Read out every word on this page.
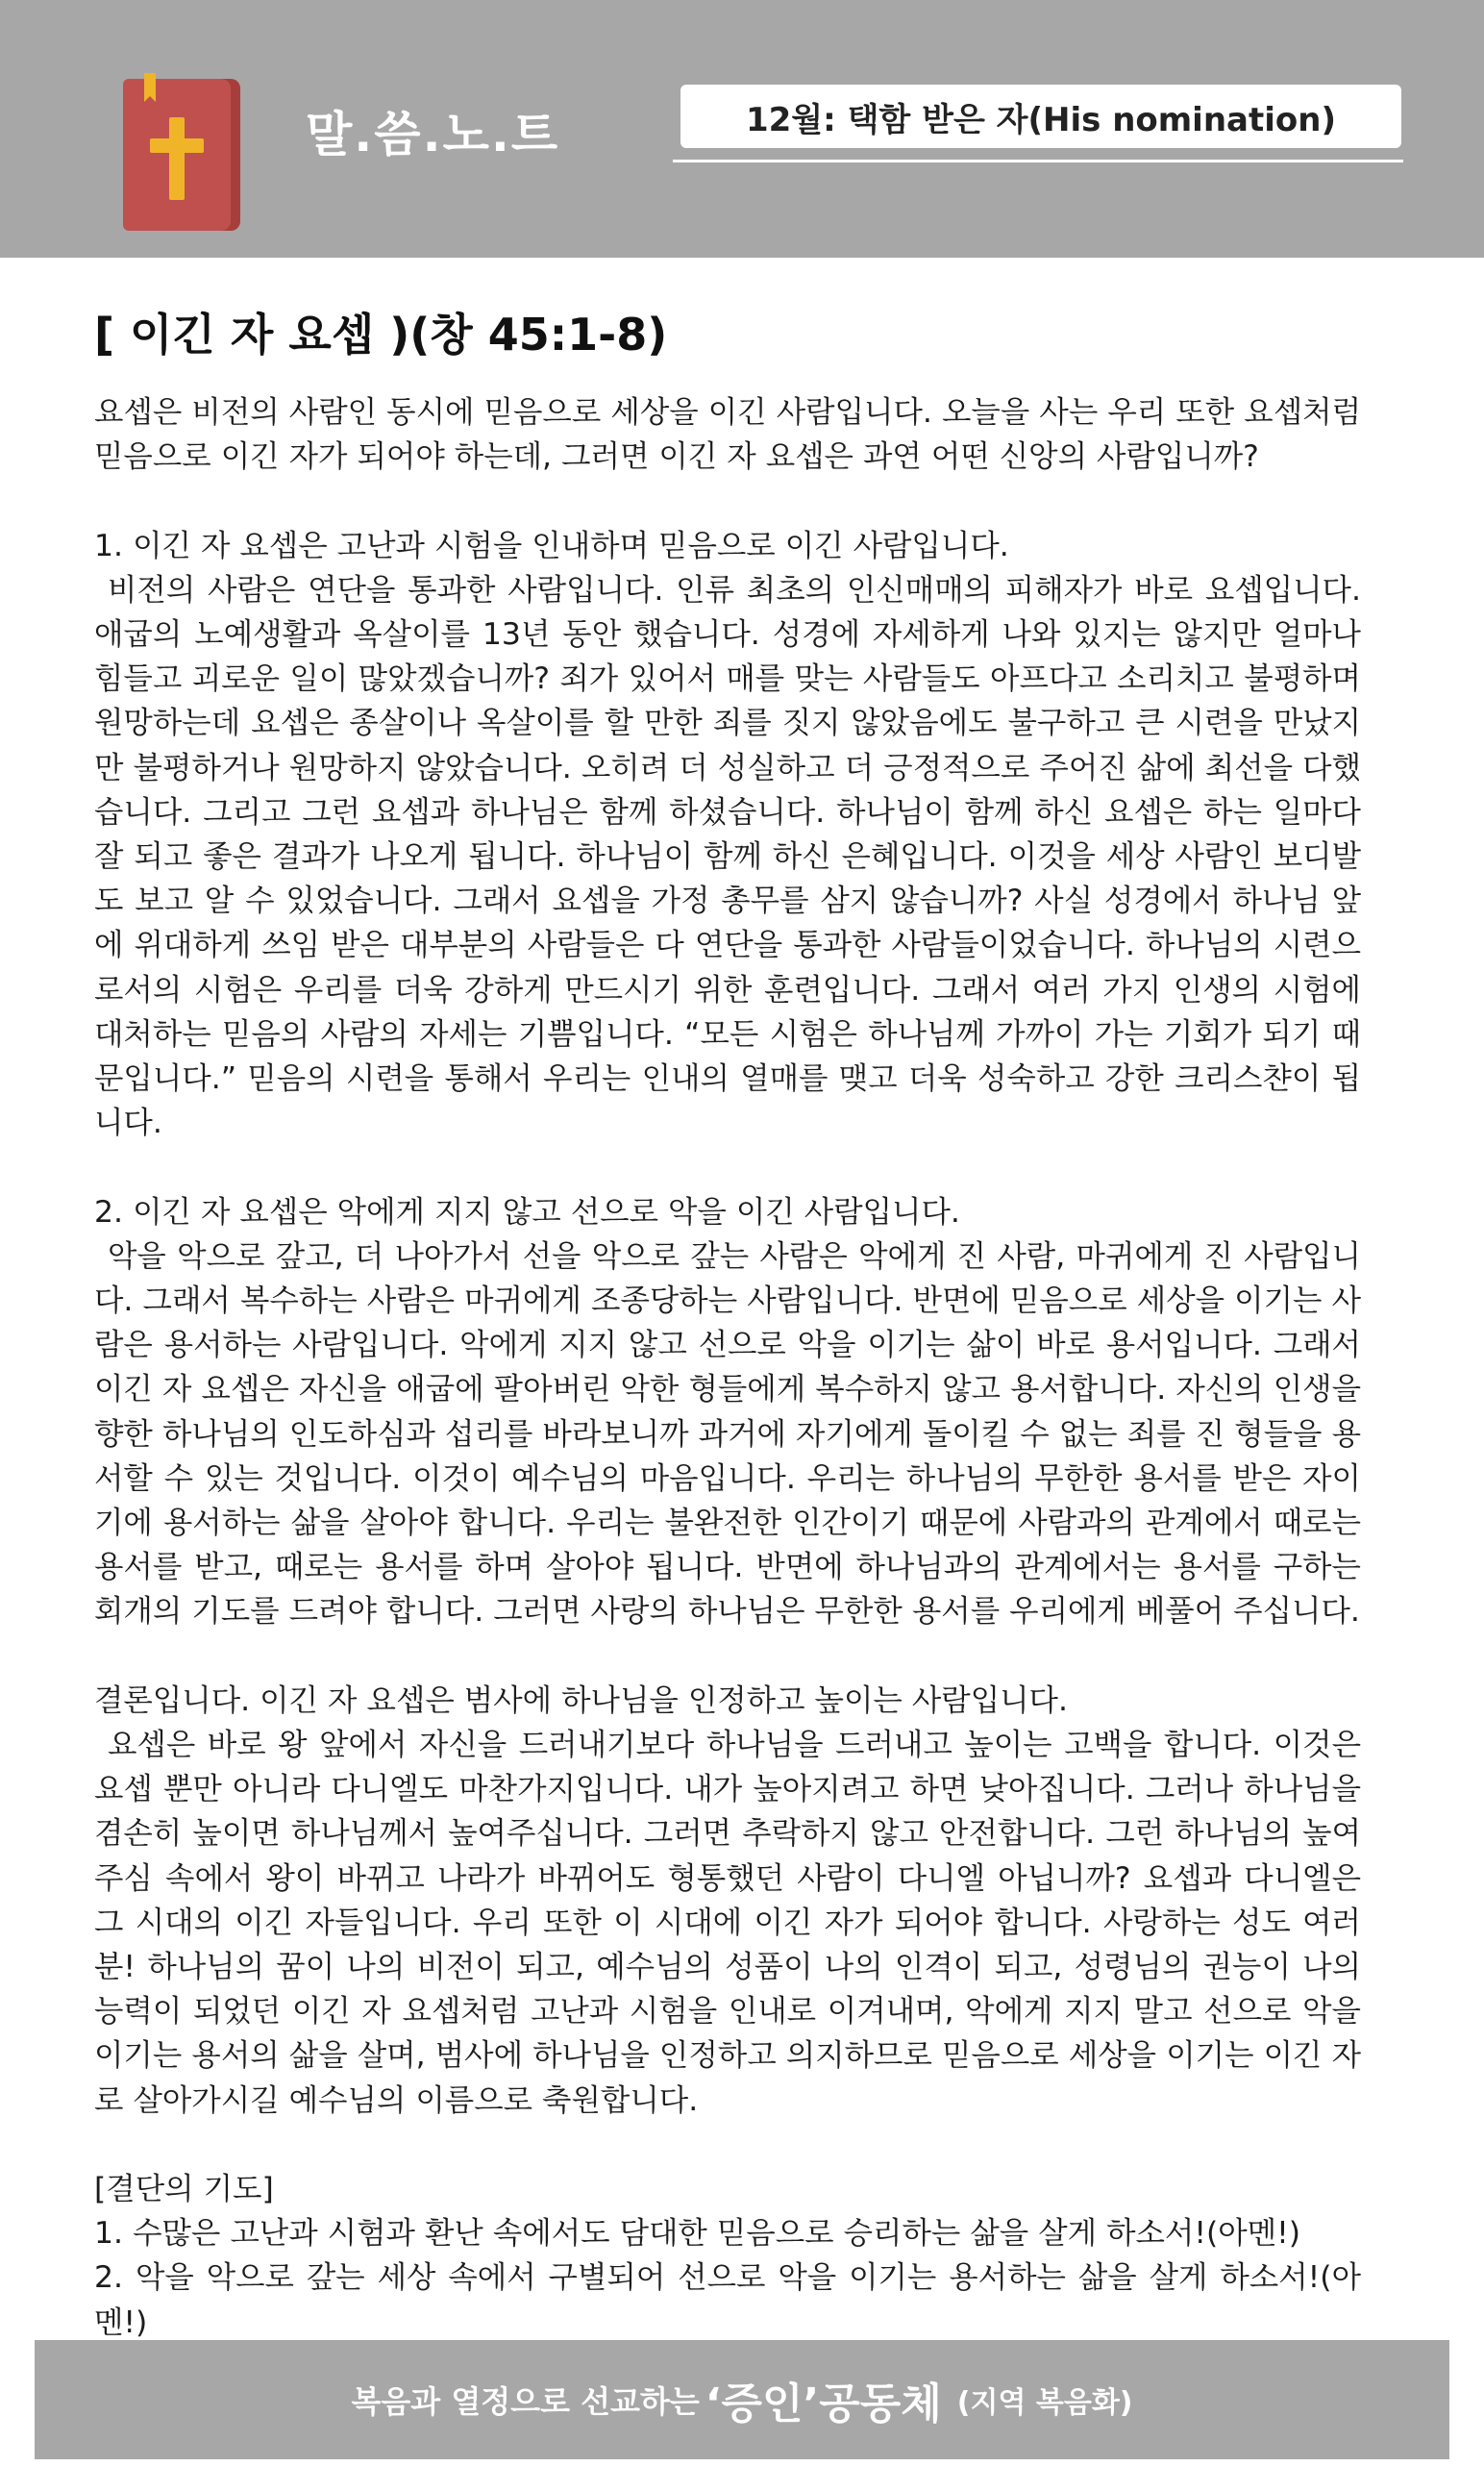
말.씀.노.트	12월: 택함 받은 자(His nomination)
[ 이긴 자 요셉 )(창 45:1-8)

요셉은 비전의 사람인 동시에 믿음으로 세상을 이긴 사람입니다. 오늘을 사는 우리 또한 요셉처럼 믿음으로 이긴 자가 되어야 하는데, 그러면 이긴 자 요셉은 과연 어떤 신앙의 사람입니까?

1. 이긴 자 요셉은 고난과 시험을 인내하며 믿음으로 이긴 사람입니다.

비전의 사람은 연단을 통과한 사람입니다. 인류 최초의 인신매매의 피해자가 바로 요셉입니다. 애굽의 노예생활과 옥살이를 13년 동안 했습니다. 성경에 자세하게 나와 있지는 않지만 얼마나 힘들고 괴로운 일이 많았겠습니까? 죄가 있어서 매를 맞는 사람들도 아프다고 소리치고 불평하며 원망하는데 요셉은 종살이나 옥살이를 할 만한 죄를 짓지 않았음에도 불구하고 큰 시련을 만났지만 불평하거나 원망하지 않았습니다. 오히려 더 성실하고 더 긍정적으로 주어진 삶에 최선을 다했습니다. 그리고 그런 요셉과 하나님은 함께 하셨습니다. 하나님이 함께 하신 요셉은 하는 일마다 잘 되고 좋은 결과가 나오게 됩니다. 하나님이 함께 하신 은혜입니다. 이것을 세상 사람인 보디발도 보고 알 수 있었습니다. 그래서 요셉을 가정 총무를 삼지 않습니까? 사실 성경에서 하나님 앞에 위대하게 쓰임 받은 대부분의 사람들은 다 연단을 통과한 사람들이었습니다. 하나님의 시련으로서의 시험은 우리를 더욱 강하게 만드시기 위한 훈련입니다. 그래서 여러 가지 인생의 시험에 대처하는 믿음의 사람의 자세는 기쁨입니다. “모든 시험은 하나님께 가까이 가는 기회가 되기 때문입니다.” 믿음의 시련을 통해서 우리는 인내의 열매를 맺고 더욱 성숙하고 강한 크리스챤이 됩니다.

2. 이긴 자 요셉은 악에게 지지 않고 선으로 악을 이긴 사람입니다.

악을 악으로 갚고, 더 나아가서 선을 악으로 갚는 사람은 악에게 진 사람, 마귀에게 진 사람입니다. 그래서 복수하는 사람은 마귀에게 조종당하는 사람입니다. 반면에 믿음으로 세상을 이기는 사람은 용서하는 사람입니다. 악에게 지지 않고 선으로 악을 이기는 삶이 바로 용서입니다. 그래서 이긴 자 요셉은 자신을 애굽에 팔아버린 악한 형들에게 복수하지 않고 용서합니다. 자신의 인생을 향한 하나님의 인도하심과 섭리를 바라보니까 과거에 자기에게 돌이킬 수 없는 죄를 진 형들을 용서할 수 있는 것입니다. 이것이 예수님의 마음입니다. 우리는 하나님의 무한한 용서를 받은 자이기에 용서하는 삶을 살아야 합니다. 우리는 불완전한 인간이기 때문에 사람과의 관계에서 때로는 용서를 받고, 때로는 용서를 하며 살아야 됩니다. 반면에 하나님과의 관계에서는 용서를 구하는 회개의 기도를 드려야 합니다. 그러면 사랑의 하나님은 무한한 용서를 우리에게 베풀어 주십니다.

결론입니다. 이긴 자 요셉은 범사에 하나님을 인정하고 높이는 사람입니다.

요셉은 바로 왕 앞에서 자신을 드러내기보다 하나님을 드러내고 높이는 고백을 합니다. 이것은 요셉 뿐만 아니라 다니엘도 마찬가지입니다. 내가 높아지려고 하면 낮아집니다. 그러나 하나님을 겸손히 높이면 하나님께서 높여주십니다. 그러면 추락하지 않고 안전합니다. 그런 하나님의 높여주심 속에서 왕이 바뀌고 나라가 바뀌어도 형통했던 사람이 다니엘 아닙니까? 요셉과 다니엘은 그 시대의 이긴 자들입니다. 우리 또한 이 시대에 이긴 자가 되어야 합니다. 사랑하는 성도 여러분! 하나님의 꿈이 나의 비전이 되고, 예수님의 성품이 나의 인격이 되고, 성령님의 권능이 나의 능력이 되었던 이긴 자 요셉처럼 고난과 시험을 인내로 이겨내며, 악에게 지지 말고 선으로 악을 이기는 용서의 삶을 살며, 범사에 하나님을 인정하고 의지하므로 믿음으로 세상을 이기는 이긴 자로 살아가시길 예수님의 이름으로 축원합니다.

[결단의 기도]

1. 수많은 고난과 시험과 환난 속에서도 담대한 믿음으로 승리하는 삶을 살게 하소서!(아멘!)

2. 악을 악으로 갚는 세상 속에서 구별되어 선으로 악을 이기는 용서하는 삶을 살게 하소서!(아멘!)

복음과 열정으로 선교하는 ‘증인’공동체 (지역 복음화)
